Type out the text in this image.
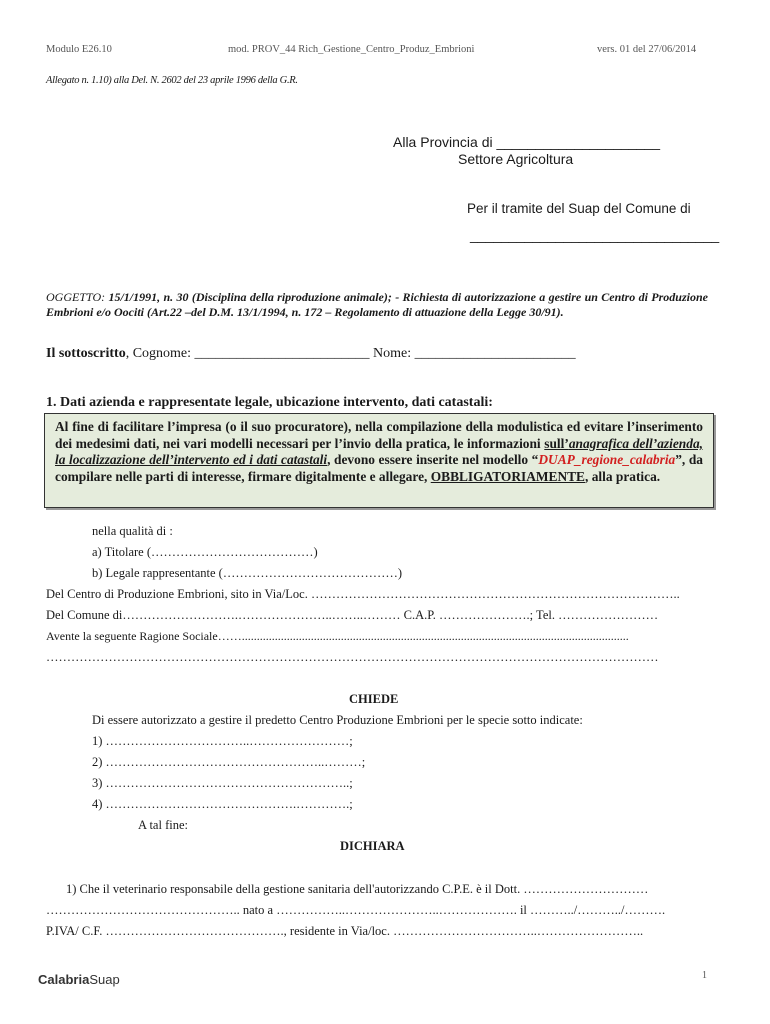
Modulo E26.10	mod. PROV_44 Rich_Gestione_Centro_Produz_Embrioni	vers. 01 del 27/06/2014
Allegato n. 1.10) alla Del. N. 2602 del 23 aprile 1996 della G.R.
Alla Provincia di _____________________
Settore Agricoltura
Per il tramite del Suap del Comune di
________________________________
OGGETTO: 15/1/1991, n. 30 (Disciplina della riproduzione animale); - Richiesta di autorizzazione a gestire un Centro di Produzione Embrioni e/o Oociti (Art.22 –del D.M. 13/1/1994, n. 172 – Regolamento di attuazione della Legge 30/91).
Il sottoscritto, Cognome: _________________________ Nome: _______________________
1. Dati azienda e rappresentate legale, ubicazione intervento, dati catastali:
Al fine di facilitare l’impresa (o il suo procuratore), nella compilazione della modulistica ed evitare l’inserimento dei medesimi dati, nei vari modelli necessari per l’invio della pratica, le informazioni sull’anagrafica dell’azienda, la localizzazione dell’intervento ed i dati catastali, devono essere inserite nel modello “DUAP_regione_calabria”, da compilare nelle parti di interesse, firmare digitalmente e allegare, OBBLIGATORIAMENTE, alla pratica.
nella qualità di :
a) Titolare (…………………………………)
b) Legale rappresentante (……………………………………)
Del Centro di Produzione Embrioni, sito in Via/Loc. ……………………………………………………………………………..
Del Comune di……………………….…………………..……..……… C.A.P. ………………….; Tel. ……………………
Avente la seguente Ragione Sociale…….................................................................................................................................
…………………………………………………………………………………………………………………………………
CHIEDE
Di essere autorizzato a gestire il predetto Centro Produzione Embrioni per le specie sotto indicate:
1) ……………………………..……………………;
2) ……………………………………………..………;
3) …………………………………………………..;
4) ……………………………………….………….;
A tal fine:
DICHIARA
1) Che il veterinario responsabile della gestione sanitaria dell'autorizzando C.P.E. è il Dott. …………………………
……………………………………….. nato a ……………..…………………..………………. il ………../………../……….
P.IVA/ C.F. ……………………………………., residente in Via/loc. ……………………………..……………………..
CalabriaSuap	1
